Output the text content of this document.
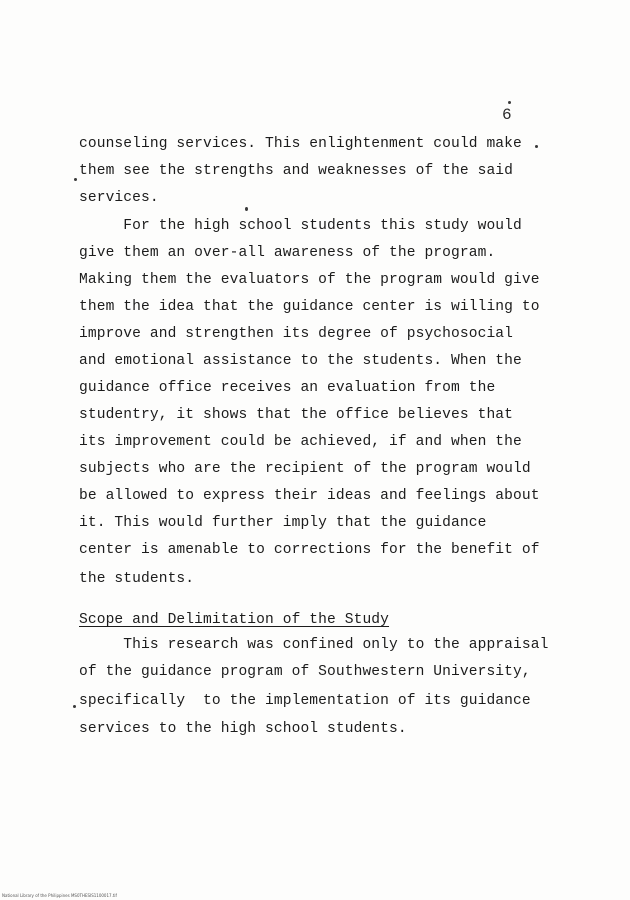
6
counseling services. This enlightenment could make
them see the strengths and weaknesses of the said
services.
For the high school students this study would
give them an over-all awareness of the program.
Making them the evaluators of the program would give
them the idea that the guidance center is willing to
improve and strengthen its degree of psychosocial
and emotional assistance to the students. When the
guidance office receives an evaluation from the
studentry, it shows that the office believes that
its improvement could be achieved, if and when the
subjects who are the recipient of the program would
be allowed to express their ideas and feelings about
it. This would further imply that the guidance
center is amenable to corrections for the benefit of
the students.
Scope and Delimitation of the Study
This research was confined only to the appraisal
of the guidance program of Southwestern University,
specifically  to the implementation of its guidance
services to the high school students.
National Library of the Philippines MS0THESIS1100017.tif
